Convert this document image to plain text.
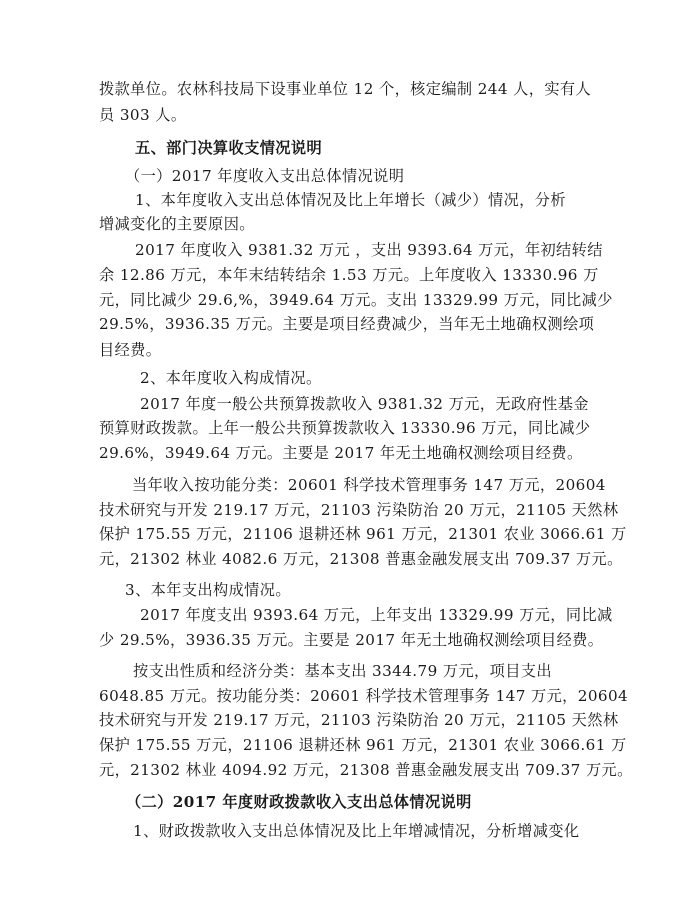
拨款单位。农林科技局下设事业单位 12 个，核定编制 244 人，实有人
员 303 人。
五、部门决算收支情况说明
（一）2017 年度收入支出总体情况说明
1、本年度收入支出总体情况及比上年增长（减少）情况，分析
增减变化的主要原因。
2017 年度收入 9381.32 万元 ，支出 9393.64 万元，年初结转结
余 12.86 万元，本年末结转结余 1.53 万元。上年度收入 13330.96 万
元，同比减少 29.6,%，3949.64 万元。支出 13329.99 万元，同比减少
29.5%，3936.35 万元。主要是项目经费减少，当年无土地确权测绘项
目经费。
2、本年度收入构成情况。
2017 年度一般公共预算拨款收入 9381.32 万元，无政府性基金
预算财政拨款。上年一般公共预算拨款收入 13330.96 万元，同比减少
29.6%，3949.64 万元。主要是 2017 年无土地确权测绘项目经费。
当年收入按功能分类：20601 科学技术管理事务 147 万元，20604
技术研究与开发 219.17 万元，21103 污染防治 20 万元，21105 天然林
保护 175.55 万元，21106 退耕还林 961 万元，21301 农业 3066.61 万
元，21302 林业 4082.6 万元，21308 普惠金融发展支出 709.37 万元。
3、本年支出构成情况。
2017 年度支出 9393.64 万元，上年支出 13329.99 万元，同比减
少 29.5%，3936.35 万元。主要是 2017 年无土地确权测绘项目经费。
按支出性质和经济分类：基本支出 3344.79 万元，项目支出
6048.85 万元。按功能分类：20601 科学技术管理事务 147 万元，20604
技术研究与开发 219.17 万元，21103 污染防治 20 万元，21105 天然林
保护 175.55 万元，21106 退耕还林 961 万元，21301 农业 3066.61 万
元，21302 林业 4094.92 万元，21308 普惠金融发展支出 709.37 万元。
（二）2017 年度财政拨款收入支出总体情况说明
1、财政拨款收入支出总体情况及比上年增减情况，分析增减变化
